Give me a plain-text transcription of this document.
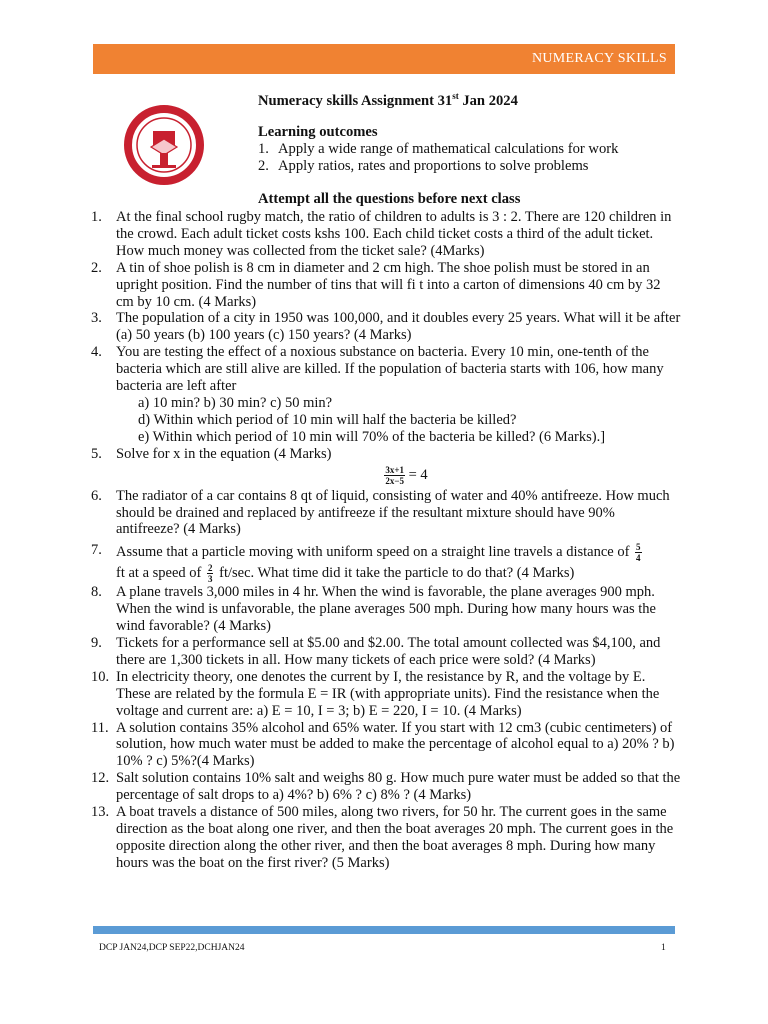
NUMERACY SKILLS
Numeracy skills Assignment 31st Jan 2024
Learning outcomes
1. Apply a wide range of mathematical calculations for work
2. Apply ratios, rates and proportions to solve problems
Attempt all the questions before next class
1. At the final school rugby match, the ratio of children to adults is 3 : 2. There are 120 children in the crowd. Each adult ticket costs kshs 100. Each child ticket costs a third of the adult ticket. How much money was collected from the ticket sale? (4Marks)
2. A tin of shoe polish is 8 cm in diameter and 2 cm high. The shoe polish must be stored in an upright position. Find the number of tins that will fi t into a carton of dimensions 40 cm by 32 cm by 10 cm. (4 Marks)
3. The population of a city in 1950 was 100,000, and it doubles every 25 years. What will it be after (a) 50 years (b) 100 years (c) 150 years? (4 Marks)
4. You are testing the effect of a noxious substance on bacteria. Every 10 min, one-tenth of the bacteria which are still alive are killed. If the population of bacteria starts with 106, how many bacteria are left after
a) 10 min? b) 30 min? c) 50 min?
d) Within which period of 10 min will half the bacteria be killed?
e) Within which period of 10 min will 70% of the bacteria be killed? (6 Marks).]
5. Solve for x in the equation (4 Marks)
$\frac{3x+1}{2x-5} = 4$
6. The radiator of a car contains 8 qt of liquid, consisting of water and 40% antifreeze. How much should be drained and replaced by antifreeze if the resultant mixture should have 90% antifreeze? (4 Marks)
7. Assume that a particle moving with uniform speed on a straight line travels a distance of $\frac{5}{4}$

ft at a speed of $\frac{2}{3} ft/\sec$. What time did it take the particle to do that? (4 Marks)
8. A plane travels 3,000 miles in 4 hr. When the wind is favorable, the plane averages 900 mph. When the wind is unfavorable, the plane averages 500 mph. During how many hours was the wind favorable? (4 Marks)
9. Tickets for a performance sell at $5.00 and $2.00. The total amount collected was $4,100, and there are 1,300 tickets in all. How many tickets of each price were sold? (4 Marks)
10. In electricity theory, one denotes the current by I, the resistance by R, and the voltage by E. These are related by the formula E = IR (with appropriate units). Find the resistance when the voltage and current are: a) E = 10, I = 3; b) E = 220, I = 10. (4 Marks)
11. A solution contains 35% alcohol and 65% water. If you start with 12 cm3 (cubic centimeters) of solution, how much water must be added to make the percentage of alcohol equal to a) 20% ? b) 10% ? c) 5%?(4 Marks)
12. Salt solution contains 10% salt and weighs 80 g. How much pure water must be added so that the percentage of salt drops to a) 4%? b) 6% ? c) 8% ? (4 Marks)
13. A boat travels a distance of 500 miles, along two rivers, for 50 hr. The current goes in the same direction as the boat along one river, and then the boat averages 20 mph. The current goes in the opposite direction along the other river, and then the boat averages 8 mph. During how many hours was the boat on the first river? (5 Marks)
DCP JAN24,DCP SEP22,DCHJAN24	1
